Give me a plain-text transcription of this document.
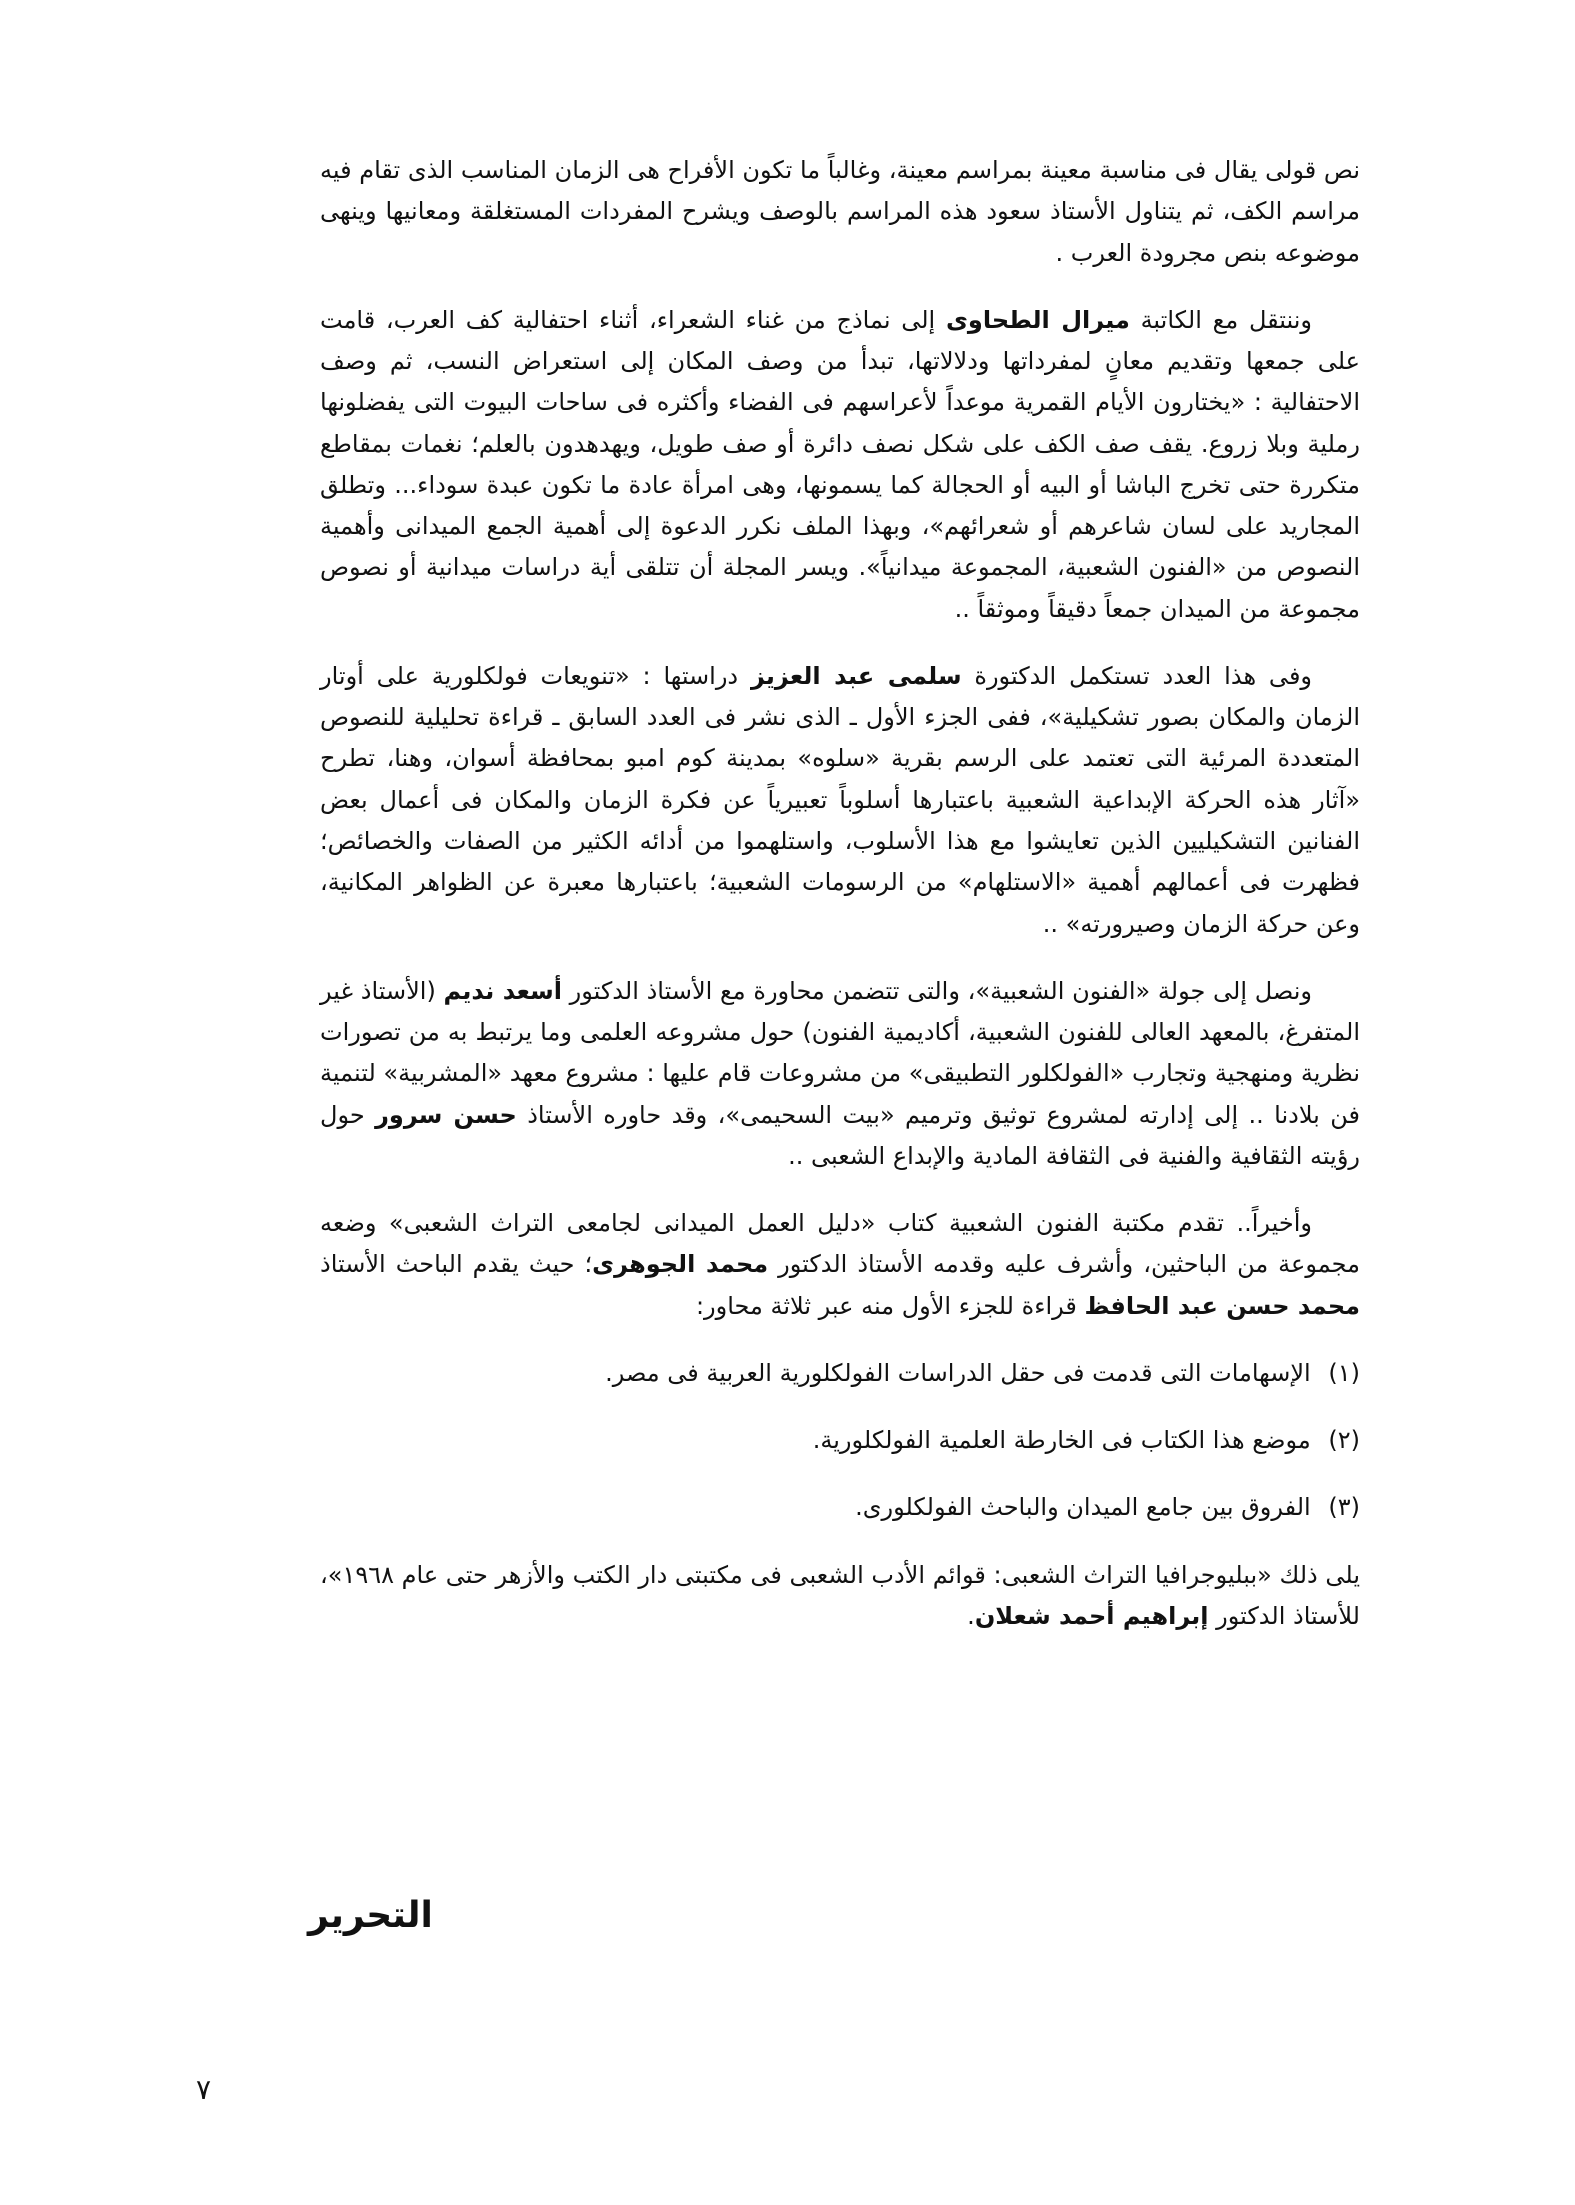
نص قولى يقال فى مناسبة معينة بمراسم معينة، وغالباً ما تكون الأفراح هى الزمان المناسب الذى تقام فيه مراسم الكف، ثم يتناول الأستاذ سعود هذه المراسم بالوصف ويشرح المفردات المستغلقة ومعانيها وينهى موضوعه بنص مجرودة العرب .

وننتقل مع الكاتبة ميرال الطحاوى إلى نماذج من غناء الشعراء، أثناء احتفالية كف العرب، قامت على جمعها وتقديم معانٍ لمفرداتها ودلالاتها، تبدأ من وصف المكان إلى استعراض النسب، ثم وصف الاحتفالية : «يختارون الأيام القمرية موعداً لأعراسهم فى الفضاء وأكثره فى ساحات البيوت التى يفضلونها رملية وبلا زروع. يقف صف الكف على شكل نصف دائرة أو صف طويل، ويهدهدون بالعلم؛ نغمات بمقاطع متكررة حتى تخرج الباشا أو البيه أو الحجالة كما يسمونها، وهى امرأة عادة ما تكون عبدة سوداء... وتطلق المجاريد على لسان شاعرهم أو شعرائهم»، وبهذا الملف نكرر الدعوة إلى أهمية الجمع الميدانى وأهمية النصوص من «الفنون الشعبية، المجموعة ميدانياً». ويسر المجلة أن تتلقى أية دراسات ميدانية أو نصوص مجموعة من الميدان جمعاً دقيقاً وموثقاً ..

وفى هذا العدد تستكمل الدكتورة سلمى عبد العزيز دراستها : «تنويعات فولكلورية على أوتار الزمان والمكان بصور تشكيلية»، ففى الجزء الأول ـ الذى نشر فى العدد السابق ـ قراءة تحليلية للنصوص المتعددة المرئية التى تعتمد على الرسم بقرية «سلوه» بمدينة كوم امبو بمحافظة أسوان، وهنا، تطرح «آثار هذه الحركة الإبداعية الشعبية باعتبارها أسلوباً تعبيرياً عن فكرة الزمان والمكان فى أعمال بعض الفنانين التشكيليين الذين تعايشوا مع هذا الأسلوب، واستلهموا من أدائه الكثير من الصفات والخصائص؛ فظهرت فى أعمالهم أهمية «الاستلهام» من الرسومات الشعبية؛ باعتبارها معبرة عن الظواهر المكانية، وعن حركة الزمان وصيرورته» ..

ونصل إلى جولة «الفنون الشعبية»، والتى تتضمن محاورة مع الأستاذ الدكتور أسعد نديم (الأستاذ غير المتفرغ، بالمعهد العالى للفنون الشعبية، أكاديمية الفنون) حول مشروعه العلمى وما يرتبط به من تصورات نظرية ومنهجية وتجارب «الفولكلور التطبيقى» من مشروعات قام عليها : مشروع معهد «المشربية» لتنمية فن بلادنا .. إلى إدارته لمشروع توثيق وترميم «بيت السحيمى»، وقد حاوره الأستاذ حسن سرور حول رؤيته الثقافية والفنية فى الثقافة المادية والإبداع الشعبى ..

وأخيراً.. تقدم مكتبة الفنون الشعبية كتاب «دليل العمل الميدانى لجامعى التراث الشعبى» وضعه مجموعة من الباحثين، وأشرف عليه وقدمه الأستاذ الدكتور محمد الجوهرى؛ حيث يقدم الباحث الأستاذ محمد حسن عبد الحافظ قراءة للجزء الأول منه عبر ثلاثة محاور:

(١) الإسهامات التى قدمت فى حقل الدراسات الفولكلورية العربية فى مصر.

(٢) موضع هذا الكتاب فى الخارطة العلمية الفولكلورية.

(٣) الفروق بين جامع الميدان والباحث الفولكلورى.

يلى ذلك «ببليوجرافيا التراث الشعبى: قوائم الأدب الشعبى فى مكتبتى دار الكتب والأزهر حتى عام ١٩٦٨»، للأستاذ الدكتور إبراهيم أحمد شعلان.

التحرير
٧
